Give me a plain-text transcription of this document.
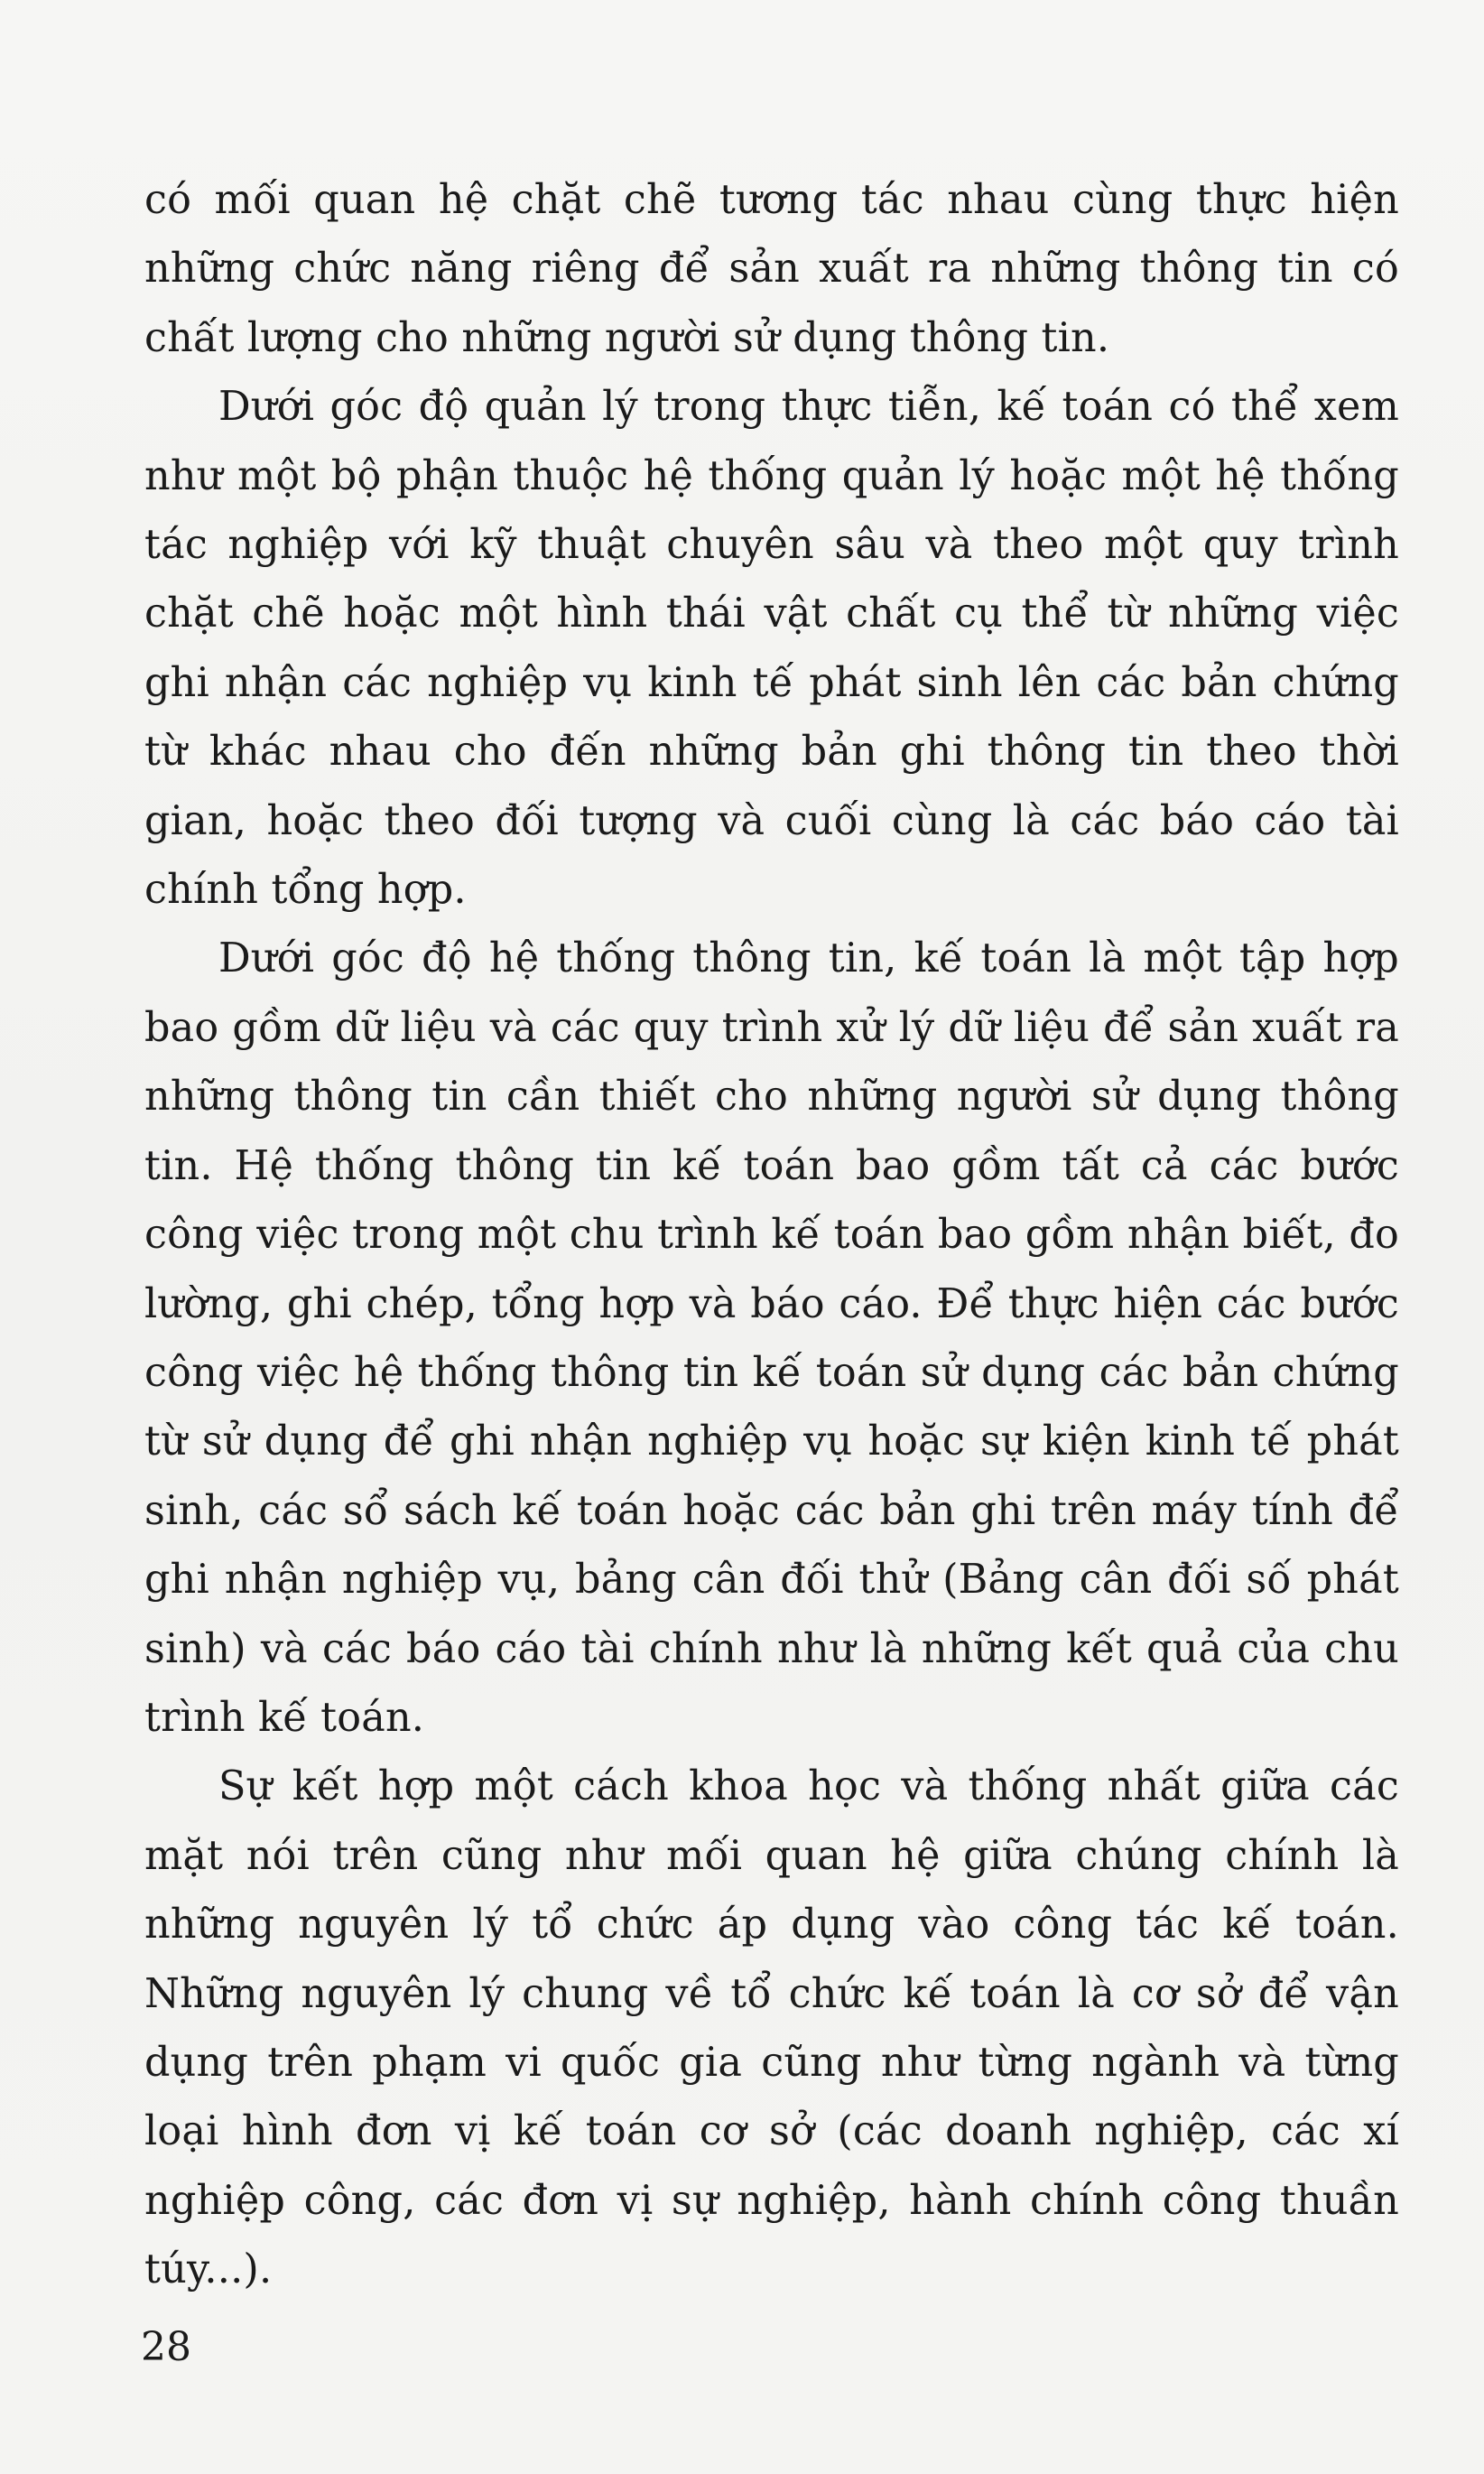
có mối quan hệ chặt chẽ tương tác nhau cùng thực hiện những chức năng riêng để sản xuất ra những thông tin có chất lượng cho những người sử dụng thông tin.

Dưới góc độ quản lý trong thực tiễn, kế toán có thể xem như một bộ phận thuộc hệ thống quản lý hoặc một hệ thống tác nghiệp với kỹ thuật chuyên sâu và theo một quy trình chặt chẽ hoặc một hình thái vật chất cụ thể từ những việc ghi nhận các nghiệp vụ kinh tế phát sinh lên các bản chứng từ khác nhau cho đến những bản ghi thông tin theo thời gian, hoặc theo đối tượng và cuối cùng là các báo cáo tài chính tổng hợp.

Dưới góc độ hệ thống thông tin, kế toán là một tập hợp bao gồm dữ liệu và các quy trình xử lý dữ liệu để sản xuất ra những thông tin cần thiết cho những người sử dụng thông tin. Hệ thống thông tin kế toán bao gồm tất cả các bước công việc trong một chu trình kế toán bao gồm nhận biết, đo lường, ghi chép, tổng hợp và báo cáo. Để thực hiện các bước công việc hệ thống thông tin kế toán sử dụng các bản chứng từ sử dụng để ghi nhận nghiệp vụ hoặc sự kiện kinh tế phát sinh, các sổ sách kế toán hoặc các bản ghi trên máy tính để ghi nhận nghiệp vụ, bảng cân đối thử (Bảng cân đối số phát sinh) và các báo cáo tài chính như là những kết quả của chu trình kế toán.

Sự kết hợp một cách khoa học và thống nhất giữa các mặt nói trên cũng như mối quan hệ giữa chúng chính là những nguyên lý tổ chức áp dụng vào công tác kế toán. Những nguyên lý chung về tổ chức kế toán là cơ sở để vận dụng trên phạm vi quốc gia cũng như từng ngành và từng loại hình đơn vị kế toán cơ sở (các doanh nghiệp, các xí nghiệp công, các đơn vị sự nghiệp, hành chính công thuần túy...).

28
